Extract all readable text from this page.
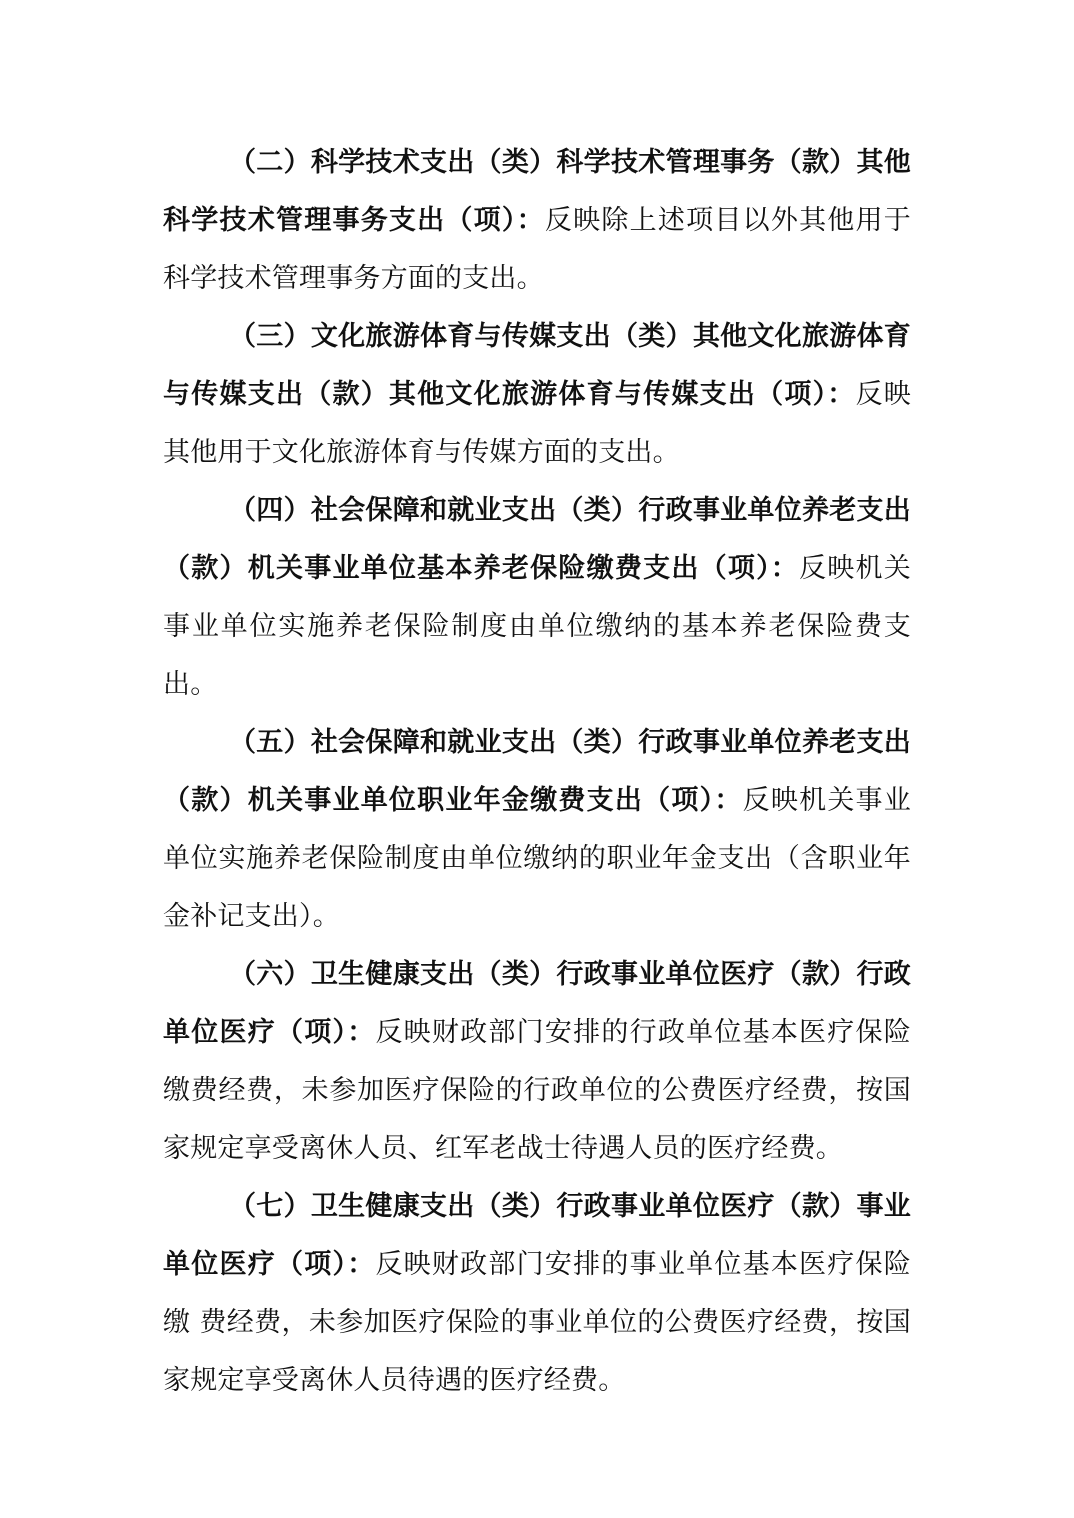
（二）科学技术支出（类）科学技术管理事务（款）其他科学技术管理事务支出（项）：反映除上述项目以外其他用于科学技术管理事务方面的支出。

（三）文化旅游体育与传媒支出（类）其他文化旅游体育与传媒支出（款）其他文化旅游体育与传媒支出（项）：反映其他用于文化旅游体育与传媒方面的支出。

（四）社会保障和就业支出（类）行政事业单位养老支出（款）机关事业单位基本养老保险缴费支出（项）：反映机关事业单位实施养老保险制度由单位缴纳的基本养老保险费支出。

（五）社会保障和就业支出（类）行政事业单位养老支出（款）机关事业单位职业年金缴费支出（项）：反映机关事业单位实施养老保险制度由单位缴纳的职业年金支出（含职业年金补记支出）。

（六）卫生健康支出（类）行政事业单位医疗（款）行政单位医疗（项）：反映财政部门安排的行政单位基本医疗保险缴费经费，未参加医疗保险的行政单位的公费医疗经费，按国家规定享受离休人员、红军老战士待遇人员的医疗经费。

（七）卫生健康支出（类）行政事业单位医疗（款）事业单位医疗（项）：反映财政部门安排的事业单位基本医疗保险缴 费经费，未参加医疗保险的事业单位的公费医疗经费，按国家规定享受离休人员待遇的医疗经费。
